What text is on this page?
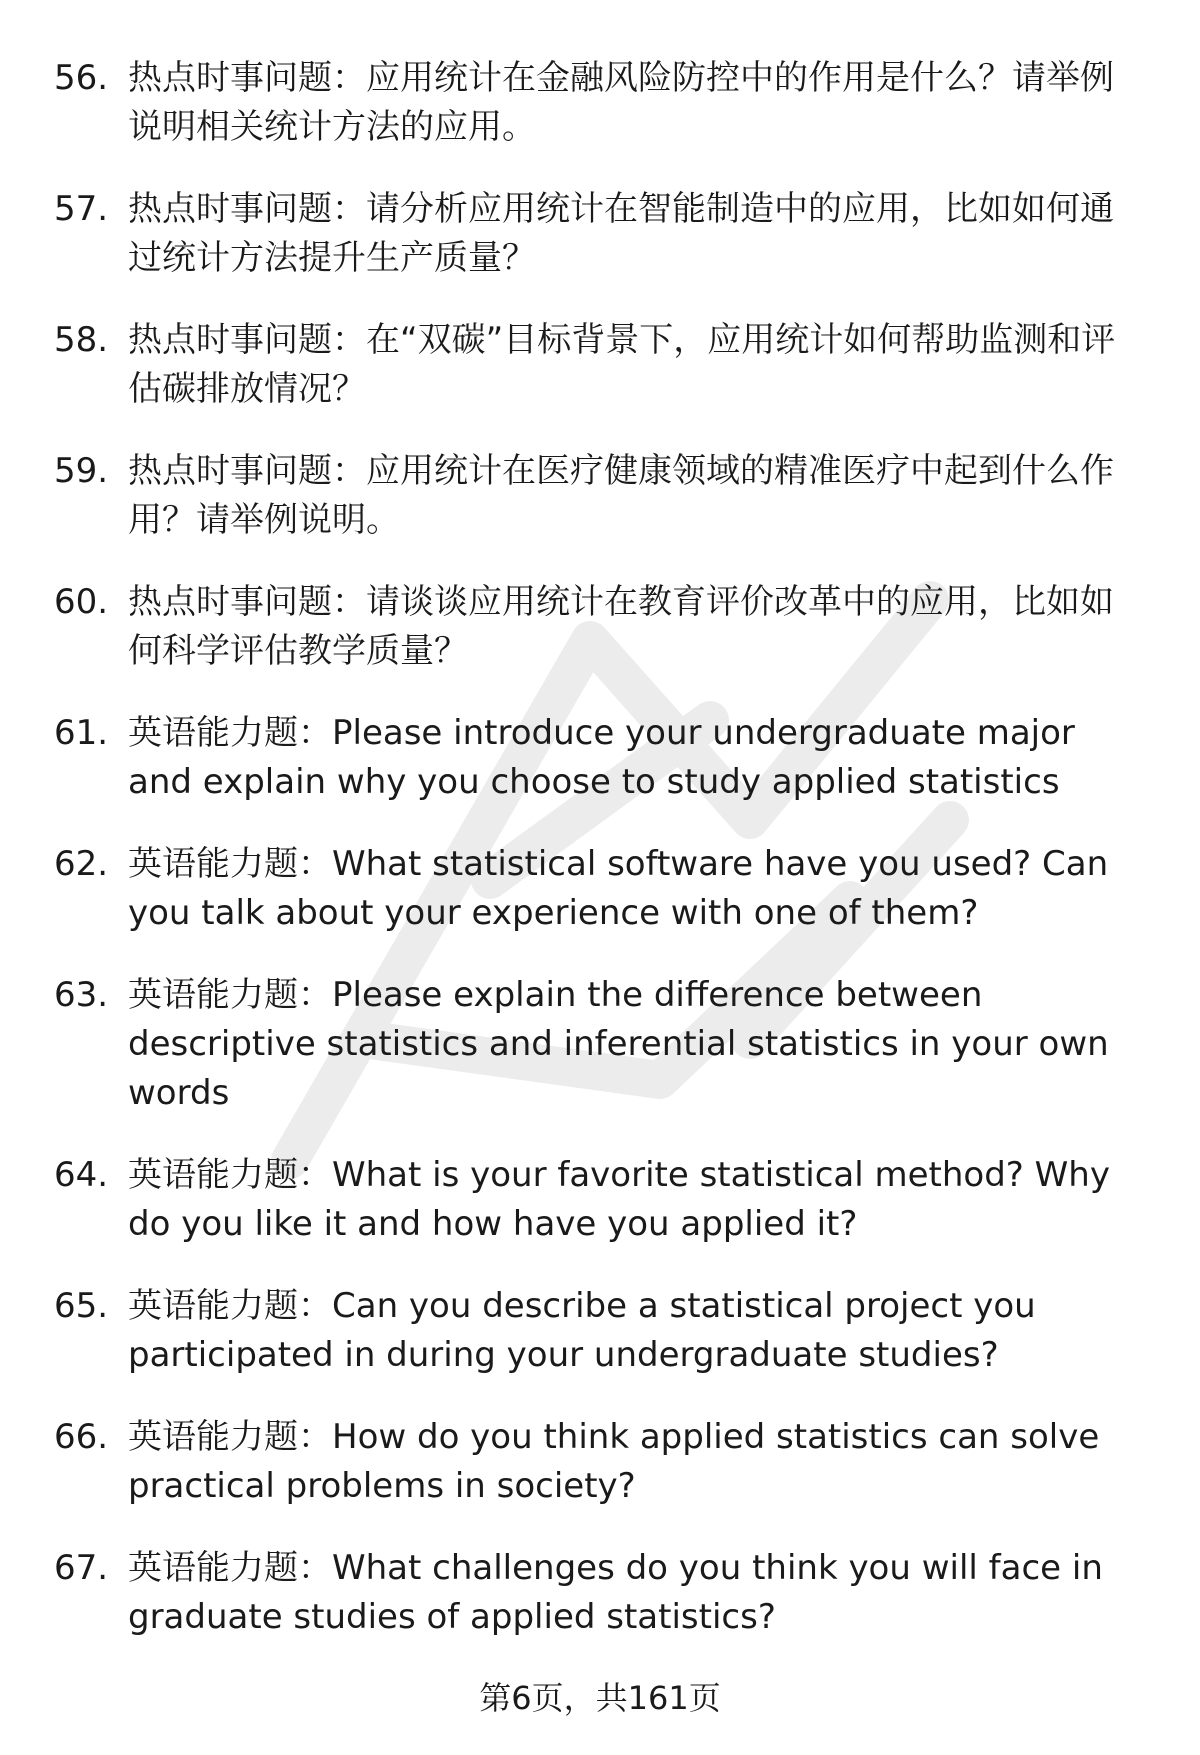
56. 热点时事问题：应用统计在金融风险防控中的作用是什么？请举例说明相关统计方法的应用。
57. 热点时事问题：请分析应用统计在智能制造中的应用，比如如何通过统计方法提升生产质量？
58. 热点时事问题：在“双碳”目标背景下，应用统计如何帮助监测和评估碳排放情况？
59. 热点时事问题：应用统计在医疗健康领域的精准医疗中起到什么作用？请举例说明。
60. 热点时事问题：请谈谈应用统计在教育评价改革中的应用，比如如何科学评估教学质量？
61. 英语能力题：Please introduce your undergraduate major and explain why you choose to study applied statistics
62. 英语能力题：What statistical software have you used? Can you talk about your experience with one of them?
63. 英语能力题：Please explain the difference between descriptive statistics and inferential statistics in your own words
64. 英语能力题：What is your favorite statistical method? Why do you like it and how have you applied it?
65. 英语能力题：Can you describe a statistical project you participated in during your undergraduate studies?
66. 英语能力题：How do you think applied statistics can solve practical problems in society?
67. 英语能力题：What challenges do you think you will face in graduate studies of applied statistics?
第6页，共161页
